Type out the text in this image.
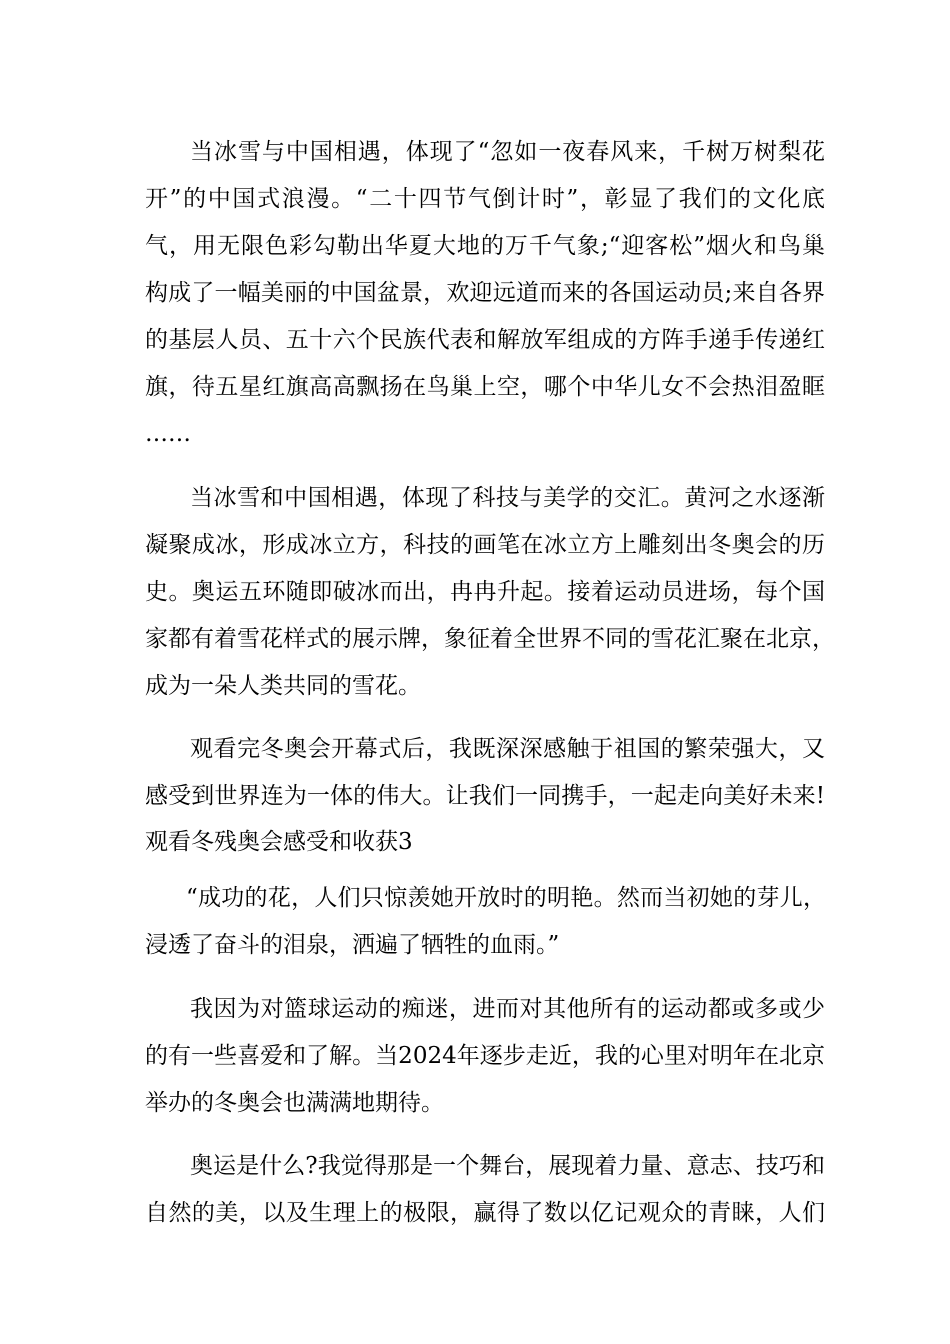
当冰雪与中国相遇，体现了“忽如一夜春风来，千树万树梨花
开”的中国式浪漫。“二十四节气倒计时”，彰显了我们的文化底
气，用无限色彩勾勒出华夏大地的万千气象;“迎客松”烟火和鸟巢
构成了一幅美丽的中国盆景，欢迎远道而来的各国运动员;来自各界
的基层人员、五十六个民族代表和解放军组成的方阵手递手传递红
旗，待五星红旗高高飘扬在鸟巢上空，哪个中华儿女不会热泪盈眶
……
当冰雪和中国相遇，体现了科技与美学的交汇。黄河之水逐渐
凝聚成冰，形成冰立方，科技的画笔在冰立方上雕刻出冬奥会的历
史。奥运五环随即破冰而出，冉冉升起。接着运动员进场，每个国
家都有着雪花样式的展示牌，象征着全世界不同的雪花汇聚在北京，
成为一朵人类共同的雪花。
观看完冬奥会开幕式后，我既深深感触于祖国的繁荣强大，又
感受到世界连为一体的伟大。让我们一同携手，一起走向美好未来!
观看冬残奥会感受和收获3
“成功的花，人们只惊羡她开放时的明艳。然而当初她的芽儿，
浸透了奋斗的泪泉，洒遍了牺牲的血雨。”
我因为对篮球运动的痴迷，进而对其他所有的运动都或多或少
的有一些喜爱和了解。当2024年逐步走近，我的心里对明年在北京
举办的冬奥会也满满地期待。
奥运是什么?我觉得那是一个舞台，展现着力量、意志、技巧和
自然的美，以及生理上的极限，赢得了数以亿记观众的青睐，人们
